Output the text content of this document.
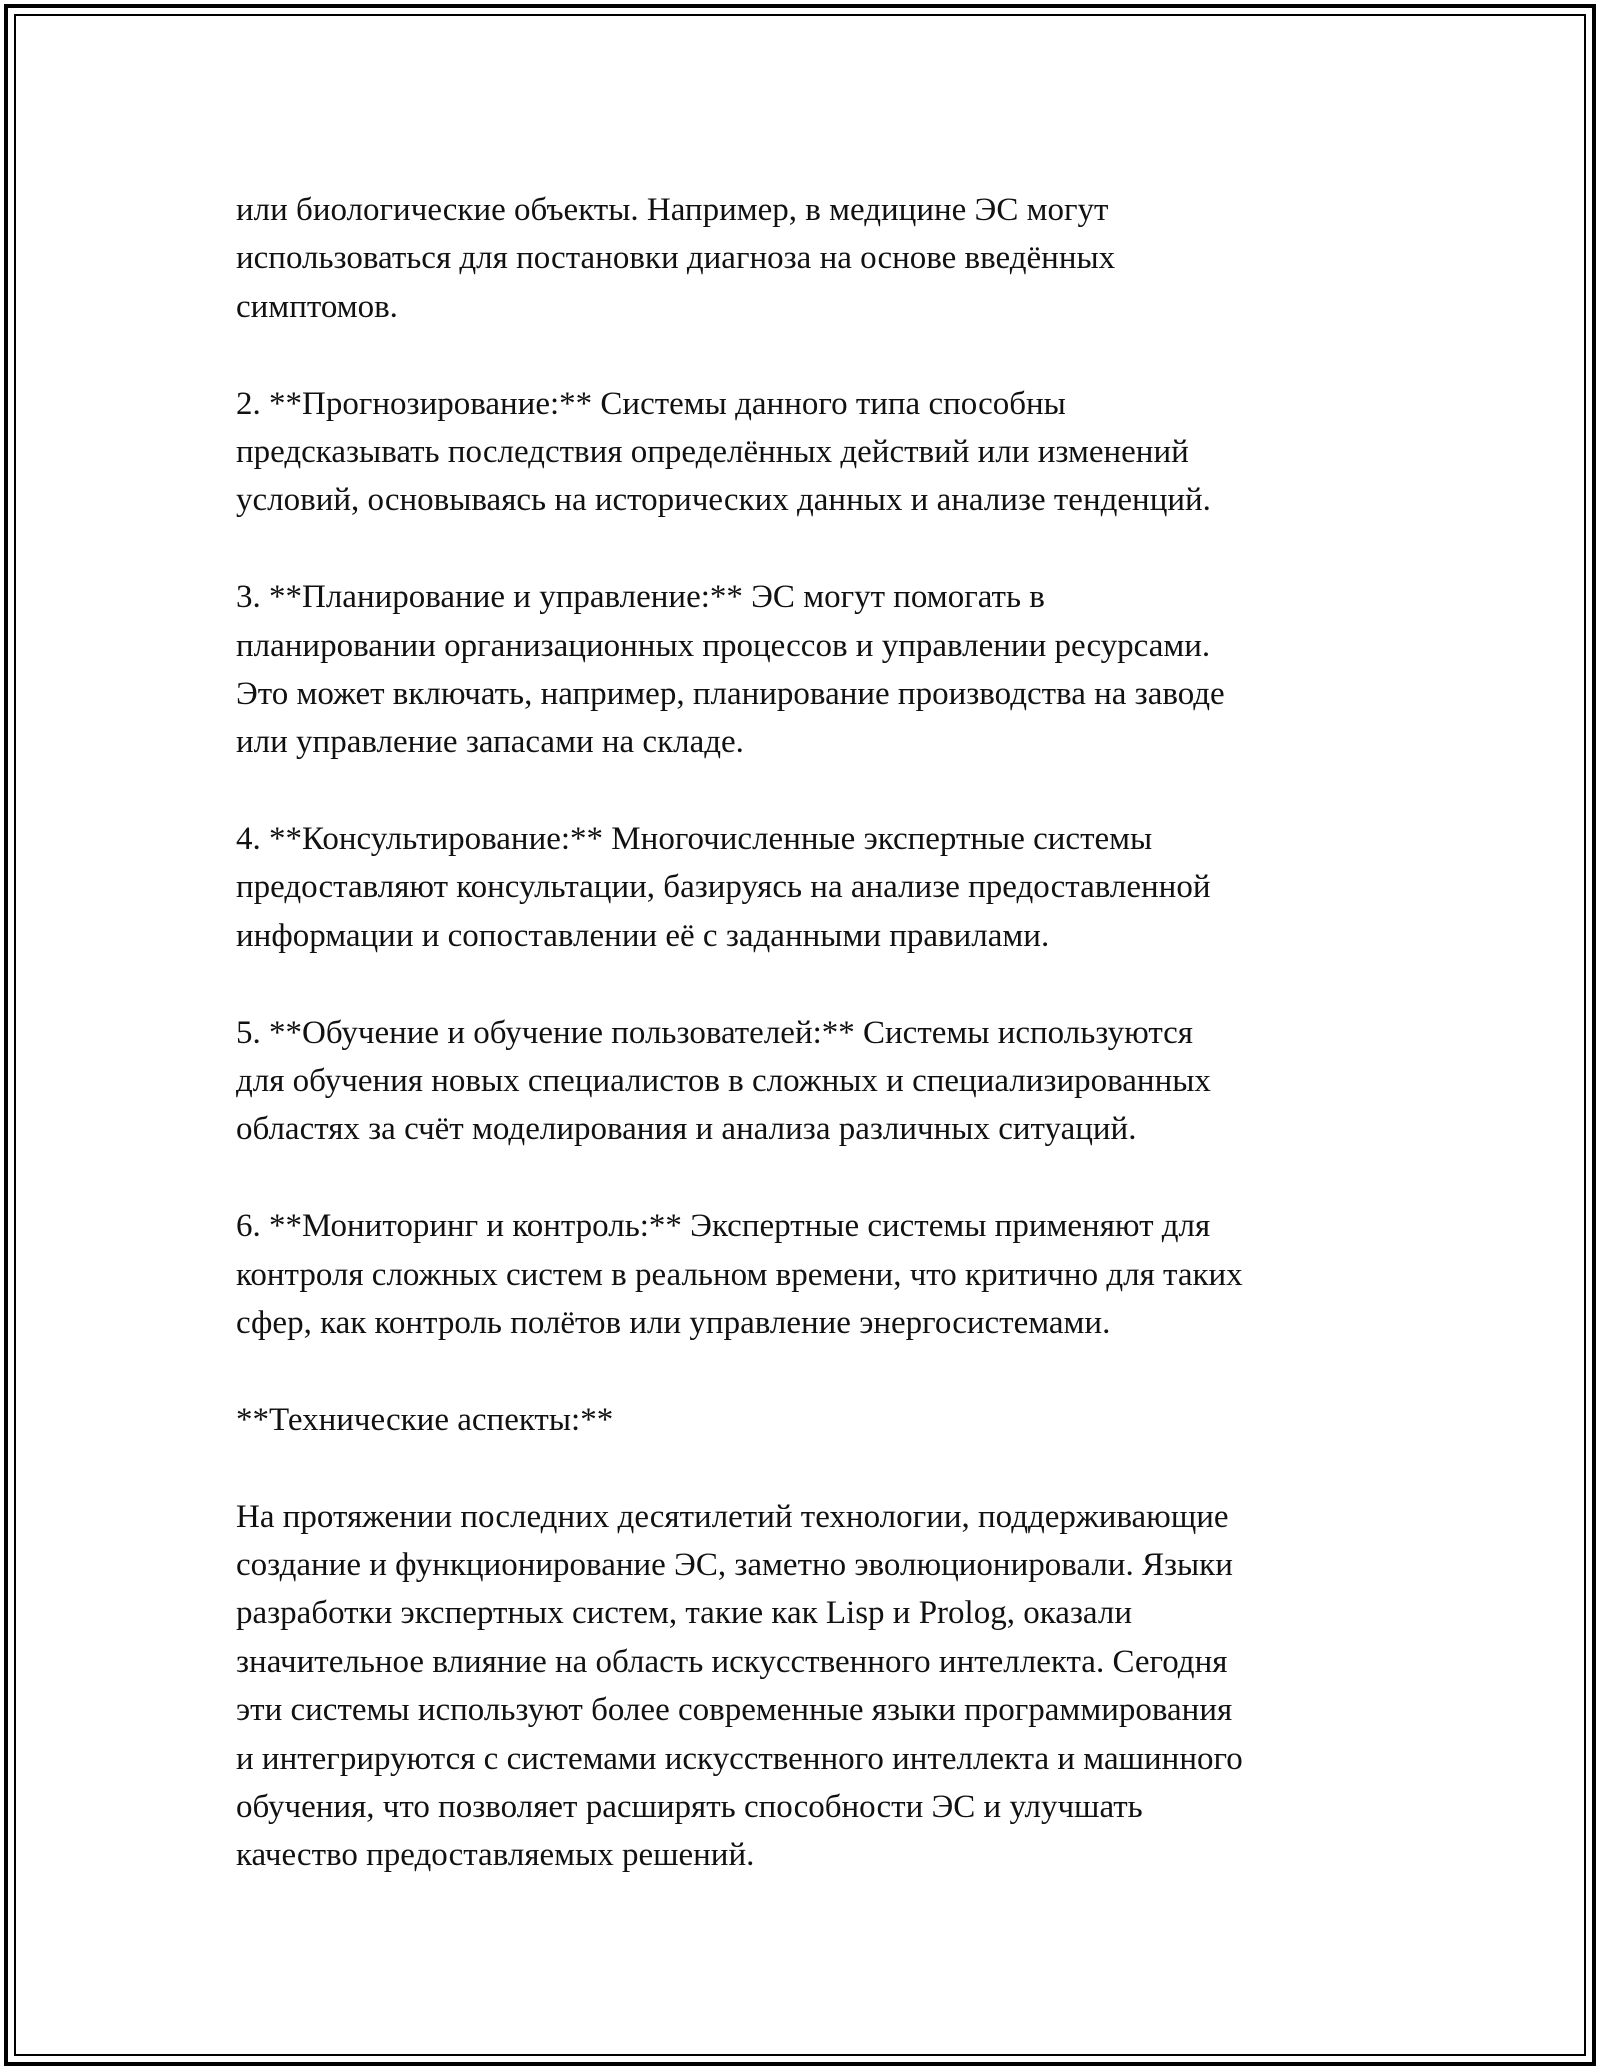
или биологические объекты. Например, в медицине ЭС могут
использоваться для постановки диагноза на основе введённых
симптомов.
2. **Прогнозирование:** Системы данного типа способны
предсказывать последствия определённых действий или изменений
условий, основываясь на исторических данных и анализе тенденций.
3. **Планирование и управление:** ЭС могут помогать в
планировании организационных процессов и управлении ресурсами.
Это может включать, например, планирование производства на заводе
или управление запасами на складе.
4. **Консультирование:** Многочисленные экспертные системы
предоставляют консультации, базируясь на анализе предоставленной
информации и сопоставлении её с заданными правилами.
5. **Обучение и обучение пользователей:** Системы используются
для обучения новых специалистов в сложных и специализированных
областях за счёт моделирования и анализа различных ситуаций.
6. **Мониторинг и контроль:** Экспертные системы применяют для
контроля сложных систем в реальном времени, что критично для таких
сфер, как контроль полётов или управление энергосистемами.
**Технические аспекты:**
На протяжении последних десятилетий технологии, поддерживающие
создание и функционирование ЭС, заметно эволюционировали. Языки
разработки экспертных систем, такие как Lisp и Prolog, оказали
значительное влияние на область искусственного интеллекта. Сегодня
эти системы используют более современные языки программирования
и интегрируются с системами искусственного интеллекта и машинного
обучения, что позволяет расширять способности ЭС и улучшать
качество предоставляемых решений.
